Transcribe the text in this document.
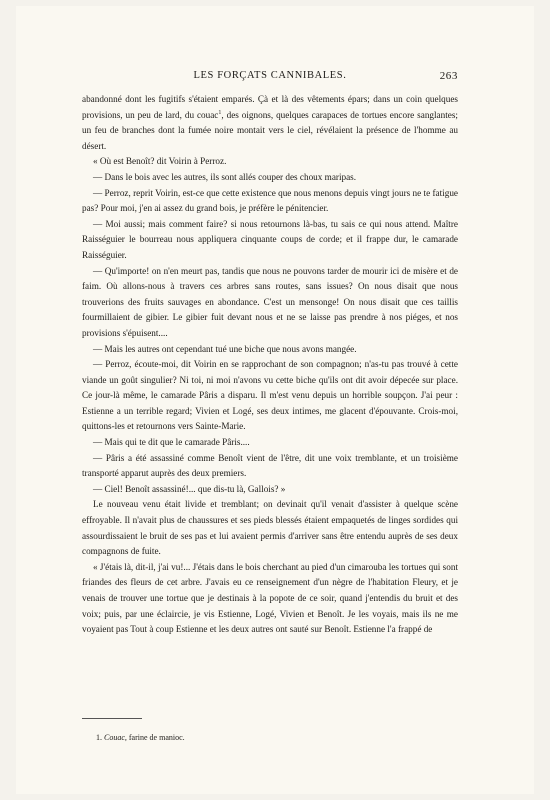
LES FORÇATS CANNIBALES.	263

abandonné dont les fugitifs s'étaient emparés. Çà et là des vêtements épars; dans un coin quelques provisions, un peu de lard, du couac$^1$, des oignons, quelques carapaces de tortues encore sanglantes; un feu de branches dont la fumée noire montait vers le ciel, révélaient la présence de l'homme au désert.

« Où est Benoît? dit Voirin à Perroz.

— Dans le bois avec les autres, ils sont allés couper des choux maripas.

— Perroz, reprit Voirin, est-ce que cette existence que nous menons depuis vingt jours ne te fatigue pas? Pour moi, j'en ai assez du grand bois, je préfère le pénitencier.

— Moi aussi; mais comment faire? si nous retournons là-bas, tu sais ce qui nous attend. Maître Raisséguier le bourreau nous appliquera cinquante coups de corde; et il frappe dur, le camarade Raisséguier.

— Qu'importe! on n'en meurt pas, tandis que nous ne pouvons tarder de mourir ici de misère et de faim. Où allons-nous à travers ces arbres sans routes, sans issues? On nous disait que nous trouverions des fruits sauvages en abondance. C'est un mensonge! On nous disait que ces taillis fourmillaient de gibier. Le gibier fuit devant nous et ne se laisse pas prendre à nos piéges, et nos provisions s'épuisent....

— Mais les autres ont cependant tué une biche que nous avons mangée.

— Perroz, écoute-moi, dit Voirin en se rapprochant de son compagnon; n'as-tu pas trouvé à cette viande un goût singulier? Ni toi, ni moi n'avons vu cette biche qu'ils ont dit avoir dépecée sur place. Ce jour-là même, le camarade Pâris a disparu. Il m'est venu depuis un horrible soupçon. J'ai peur : Estienne a un terrible regard; Vivien et Logé, ses deux intimes, me glacent d'épouvante. Crois-moi, quittons-les et retournons vers Sainte-Marie.

— Mais qui te dit que le camarade Pâris....

— Pâris a été assassiné comme Benoît vient de l'être, dit une voix tremblante, et un troisième transporté apparut auprès des deux premiers.

— Ciel! Benoît assassiné!... que dis-tu là, Gallois? »

Le nouveau venu était livide et tremblant; on devinait qu'il venait d'assister à quelque scène effroyable. Il n'avait plus de chaussures et ses pieds blessés étaient empaquetés de linges sordides qui assourdissaient le bruit de ses pas et lui avaient permis d'arriver sans être entendu auprès de ses deux compagnons de fuite.

« J'étais là, dit-il, j'ai vu!... J'étais dans le bois cherchant au pied d'un cimarouba les tortues qui sont friandes des fleurs de cet arbre. J'avais eu ce renseignement d'un nègre de l'habitation Fleury, et je venais de trouver une tortue que je destinais à la popote de ce soir, quand j'entendis du bruit et des voix; puis, par une éclaircie, je vis Estienne, Logé, Vivien et Benoît. Je les voyais, mais ils ne me voyaient pas Tout à coup Estienne et les deux autres ont sauté sur Benoît. Estienne l'a frappé de

1. Couac, farine de manioc.
